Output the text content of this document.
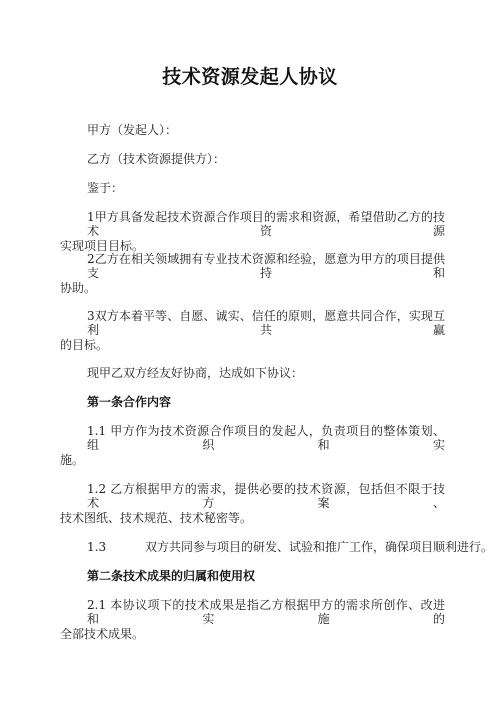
技术资源发起人协议

甲方（发起人）：

乙方（技术资源提供方）：

鉴于：

1甲方具备发起技术资源合作项目的需求和资源，希望借助乙方的技术资源

实现项目目标。

2乙方在相关领域拥有专业技术资源和经验，愿意为甲方的项目提供支持和

协助。

3双方本着平等、自愿、诚实、信任的原则，愿意共同合作，实现互利共赢

的目标。

现甲乙双方经友好协商，达成如下协议：

第一条合作内容

1.1 甲方作为技术资源合作项目的发起人，负责项目的整体策划、组织和实

施。

1.2 乙方根据甲方的需求，提供必要的技术资源，包括但不限于技术方案、

技术图纸、技术规范、技术秘密等。

1.3	双方共同参与项目的研发、试验和推广工作，确保项目顺利进行。

第二条技术成果的归属和使用权

2.1 本协议项下的技术成果是指乙方根据甲方的需求所创作、改进和实施的

全部技术成果。
